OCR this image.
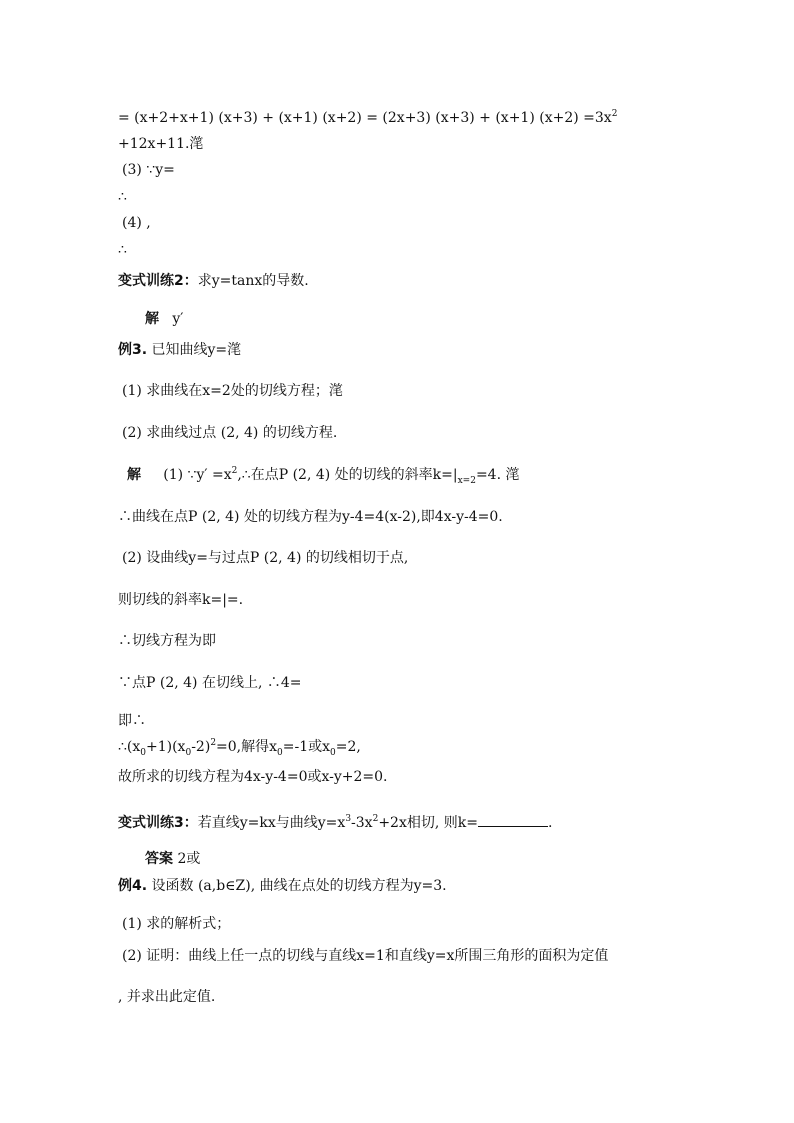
= (x+2+x+1) (x+3) + (x+1) (x+2) = (2x+3) (x+3) + (x+1) $(x+2) =3x^2$
+12x+11.滗
(3) ∵y=
∴
(4) ,
∴
变式训练2：求y=tanx的导数.
解 y′
例3. 已知曲线y=滗
(1) 求曲线在x=2处的切线方程；滗
(2) 求曲线过点 (2, 4) 的切线方程.
解 (1) ∵y′ $=x^2,\therefore$在点P (2, 4) 处的切线的斜率$k=|_{x=2}=4$. 滗
∴曲线在点P (2, 4) 处的切线方程为y-4=4(x-2),即4x-y-4=0.
(2) 设曲线y=与过点P (2, 4) 的切线相切于点,
则切线的斜率k=|=.
∴切线方程为即
∵点P (2, 4) 在切线上, ∴4=
即∴
$\therefore(x_0+1)(x_0-2)^2=0$,解得$x_0=-1$或$x_0=2$,
故所求的切线方程为4x-y-4=0或x-y+2=0.
变式训练3：若直线y=kx与曲线$y=x^3-3x^2+2x$相切, 则k=	.
答案 2或
例4. 设函数 (a,b∈Z), 曲线在点处的切线方程为y=3.
(1) 求的解析式；
(2) 证明：曲线上任一点的切线与直线x=1和直线y=x所围三角形的面积为定值
, 并求出此定值.
